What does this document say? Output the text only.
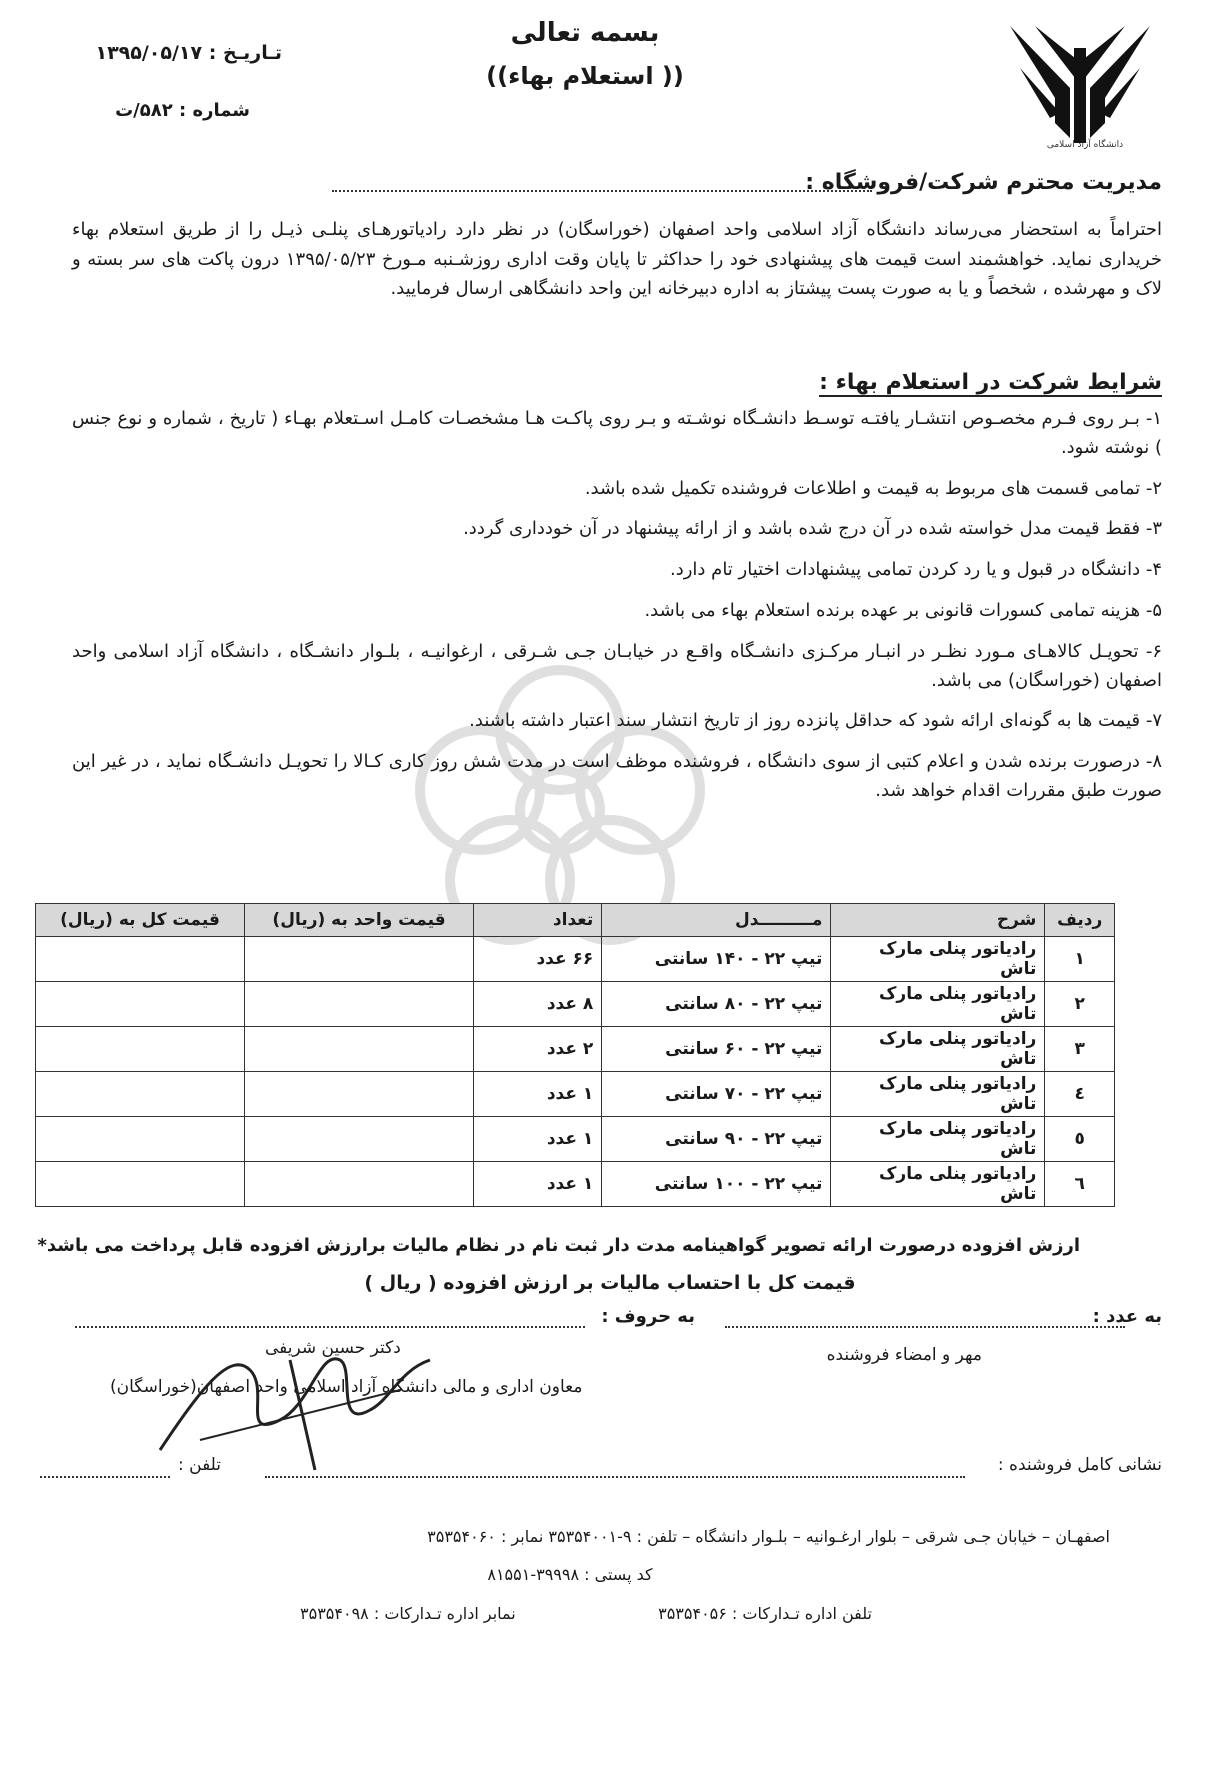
دانشگاه آزاد اسلامی
بسمه تعالی
(( استعلام بهاء))
تـاریـخ : ۱۳۹۵/۰۵/۱۷
شماره : ۵۸۲/ت
مدیریت محترم شرکت/فروشگاه :
احتراماً به استحضار می‌رساند دانشگاه آزاد اسلامی واحد اصفهان (خوراسگان) در نظر دارد رادیاتورهـای پنلـی ذیـل را از طریق استعلام بهاء خریداری نماید. خواهشمند است قیمت های پیشنهادی خود را حداکثر تا پایان وقت اداری روزشـنبه مـورخ ۱۳۹۵/۰۵/۲۳ درون پاکت های سر بسته و لاک و مهرشده ، شخصاً و یا به صورت پست پیشتاز به اداره دبیرخانه این واحد دانشگاهی ارسال فرمایید.
شرایط شرکت در استعلام بهاء :

۱- بـر روی فـرم مخصـوص انتشـار یافتـه توسـط دانشـگاه نوشـته و بـر روی پاکـت هـا مشخصـات کامـل اسـتعلام بهـاء ( تاریخ ، شماره و نوع جنس ) نوشته شود.

۲- تمامی قسمت های مربوط به قیمت و اطلاعات فروشنده تکمیل شده باشد.

۳- فقط قیمت مدل خواسته شده در آن درج شده باشد و از ارائه پیشنهاد در آن خودداری گردد.

۴- دانشگاه در قبول و یا رد کردن تمامی پیشنهادات اختیار تام دارد.

۵- هزینه تمامی کسورات قانونی بر عهده برنده استعلام بهاء می باشد.

۶- تحویـل کالاهـای مـورد نظـر در انبـار مرکـزی دانشـگاه واقـع در خیابـان جـی شـرقی ، ارغوانیـه ، بلـوار دانشـگاه ، دانشگاه آزاد اسلامی واحد اصفهان (خوراسگان) می باشد.

۷- قیمت ها به گونه‌ای ارائه شود که حداقل پانزده روز از تاریخ انتشار سند اعتبار داشته باشند.

۸- درصورت برنده شدن و اعلام کتبی از سوی دانشگاه ، فروشنده موظف است در مدت شش روز کاری کـالا را تحویـل دانشـگاه نماید ، در غیر این صورت طبق مقررات اقدام خواهد شد.

ردیف	شرح	مـــــــــدل	تعداد	قیمت واحد به (ریال)	قیمت کل به (ریال)
۱	رادیاتور پنلی مارک تاش	تیپ ۲۲ - ۱۴۰ سانتی	۶۶ عدد		
۲	رادیاتور پنلی مارک تاش	تیپ ۲۲ - ۸۰ سانتی	۸ عدد		
۳	رادیاتور پنلی مارک تاش	تیپ ۲۲ - ۶۰ سانتی	۲ عدد		
٤	رادیاتور پنلی مارک تاش	تیپ ۲۲ - ۷۰ سانتی	۱ عدد		
٥	رادیاتور پنلی مارک تاش	تیپ ۲۲ - ۹۰ سانتی	۱ عدد		
٦	رادیاتور پنلی مارک تاش	تیپ ۲۲ - ۱۰۰ سانتی	۱ عدد		
ارزش افزوده درصورت ارائه تصویر گواهینامه مدت دار ثبت نام در نظام مالیات برارزش افزوده قابل پرداخت می باشد*
قیمت کل با احتساب مالیات بر ارزش افزوده ( ریال )
به عدد :
به حروف :
مهر و امضاء فروشنده
دکتر حسین شریفی
معاون اداری و مالی دانشگاه آزاد اسلامی واحد اصفهان(خوراسگان)
نشانی کامل فروشنده :
تلفن :
اصفهـان – خیابان جـی شرقی – بلوار ارغـوانیه – بلـوار دانشگاه – تلفن : ۹-۳۵۳۵۴۰۰۱ نمابر : ۳۵۳۵۴۰۶۰
کد پستی : ۳۹۹۹۸-۸۱۵۵۱
تلفن اداره تـدارکات : ۳۵۳۵۴۰۵۶
نمابر اداره تـدارکات : ۳۵۳۵۴۰۹۸
